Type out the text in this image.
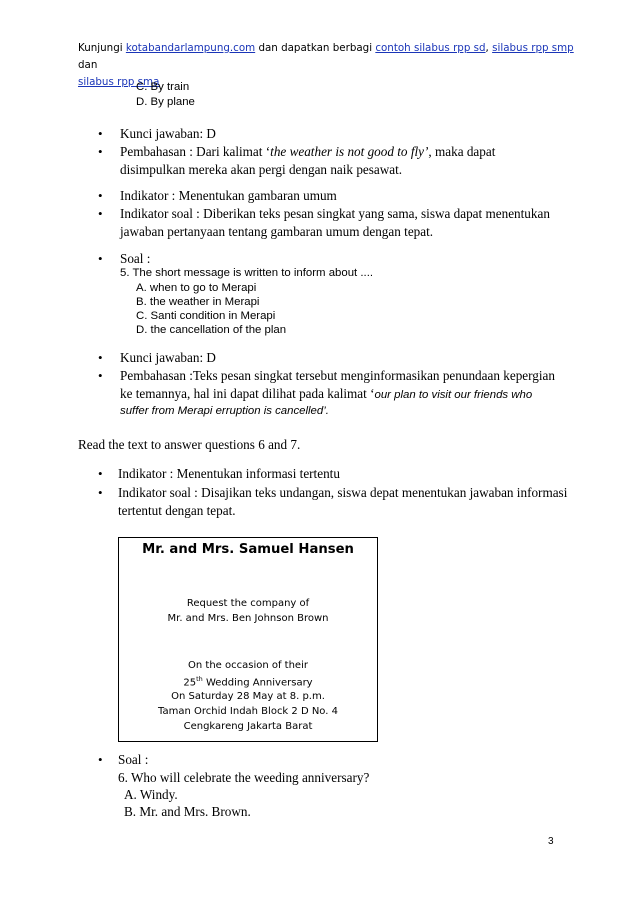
Kunjungi kotabandarlampung.com dan dapatkan berbagi contoh silabus rpp sd, silabus rpp smp dan
silabus rpp sma
C. By train
D. By plane
• Kunci jawaban: D
• Pembahasan : Dari kalimat ‘the weather is not good to fly’, maka dapat
disimpulkan mereka akan pergi dengan naik pesawat.
• Indikator : Menentukan gambaran umum
• Indikator soal : Diberikan teks pesan singkat yang sama, siswa dapat menentukan
jawaban pertanyaan tentang gambaran umum dengan tepat.
• Soal :
5. The short message is written to inform about ....
A. when to go to Merapi
B. the weather in Merapi
C. Santi condition in Merapi
D. the cancellation of the plan
• Kunci jawaban: D
• Pembahasan :Teks pesan singkat tersebut menginformasikan penundaan kepergian
ke temannya, hal ini dapat dilihat pada kalimat ‘our plan to visit our friends who
suffer from Merapi erruption is cancelled’.
Read the text to answer questions 6 and 7.
• Indikator : Menentukan informasi tertentu
• Indikator soal : Disajikan teks undangan, siswa depat menentukan jawaban informasi
tertentut dengan tepat.
Mr. and Mrs. Samuel Hansen
Request the company of
Mr. and Mrs. Ben Johnson Brown
On the occasion of their
25th Wedding Anniversary
On Saturday 28 May at 8. p.m.
Taman Orchid Indah Block 2 D No. 4
Cengkareng Jakarta Barat
• Soal :
6. Who will celebrate the weeding anniversary?
A. Windy.
B. Mr. and Mrs. Brown.
3
